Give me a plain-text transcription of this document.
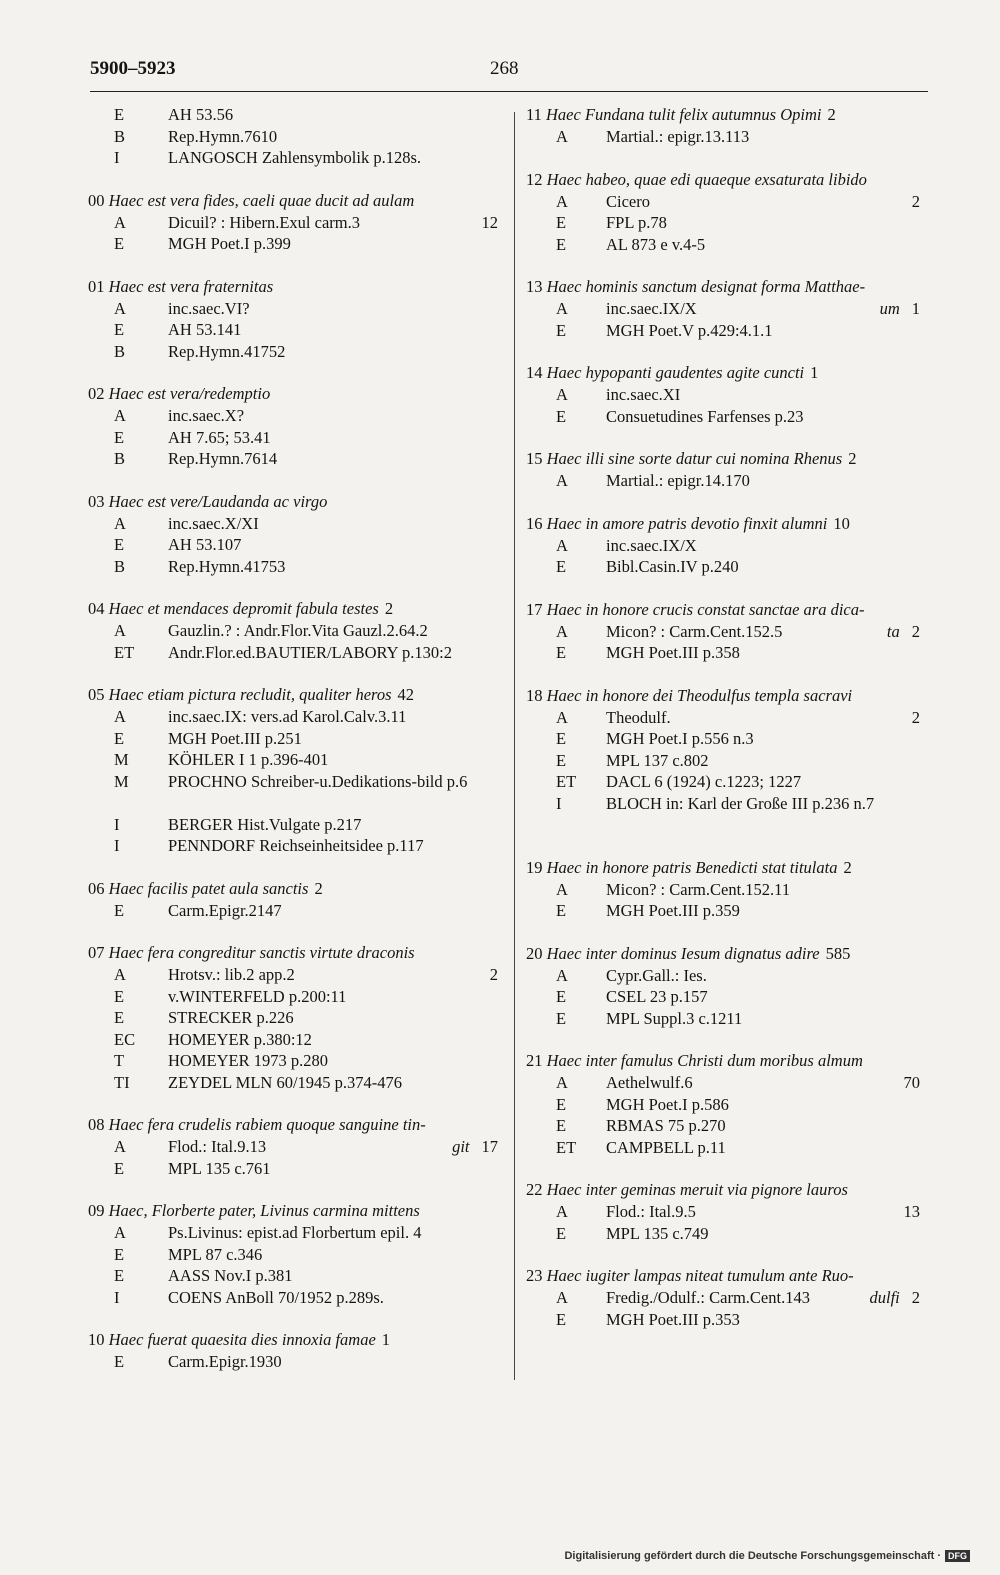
5900–5923	268
E	AH 53.56
B	Rep.Hymn.7610
I	LANGOSCH Zahlensymbolik p.128s.
00 Haec est vera fides, caeli quae ducit ad aulam
A	Dicuil? : Hibern.Exul carm.3	12
E	MGH Poet.I p.399
01 Haec est vera fraternitas
A	inc.saec.VI?
E	AH 53.141
B	Rep.Hymn.41752
02 Haec est vera/redemptio
A	inc.saec.X?
E	AH 7.65; 53.41
B	Rep.Hymn.7614
03 Haec est vere/Laudanda ac virgo
A	inc.saec.X/XI
E	AH 53.107
B	Rep.Hymn.41753
04 Haec et mendaces depromit fabula testes 2
A	Gauzlin.? : Andr.Flor.Vita Gauzl.2.64.2
ET Andr.Flor.ed.BAUTIER/LABORY p.130:2
05 Haec etiam pictura recludit, qualiter heros 42
A	inc.saec.IX: vers.ad Karol.Calv.3.11
E	MGH Poet.III p.251
M KÖHLER I 1 p.396-401
M PROCHNO Schreiber-u.Dedikations-bild p.6
I	BERGER Hist.Vulgate p.217
I	PENNDORF Reichseinheitsidee p.117
06 Haec facilis patet aula sanctis 2
E	Carm.Epigr.2147
07 Haec fera congreditur sanctis virtute draconis
A	Hrotsv.: lib.2 app.2	2
E	v.WINTERFELD p.200:11
E	STRECKER p.226
EC HOMEYER p.380:12
T	HOMEYER 1973 p.280
TI ZEYDEL MLN 60/1945 p.374-476
08 Haec fera crudelis rabiem quoque sanguine tin-
A	Flod.: Ital.9.13	git 17
E	MPL 135 c.761
09 Haec, Florberte pater, Livinus carmina mittens
A	Ps.Livinus: epist.ad Florbertum epil. 4
E	MPL 87 c.346
E	AASS Nov.I p.381
I	COENS AnBoll 70/1952 p.289s.
10 Haec fuerat quaesita dies innoxia famae 1
E	Carm.Epigr.1930
11 Haec Fundana tulit felix autumnus Opimi 2
A Martial.: epigr.13.113
12 Haec habeo, quae edi quaeque exsaturata libido
A Cicero	2
E FPL p.78
E AL 873 e v.4-5
13 Haec hominis sanctum designat forma Matthae-
A inc.saec.IX/X	um 1
E MGH Poet.V p.429:4.1.1
14 Haec hypopanti gaudentes agite cuncti 1
A inc.saec.XI
E Consuetudines Farfenses p.23
15 Haec illi sine sorte datur cui nomina Rhenus 2
A Martial.: epigr.14.170
16 Haec in amore patris devotio finxit alumni 10
A inc.saec.IX/X
E Bibl.Casin.IV p.240
17 Haec in honore crucis constat sanctae ara dica-
A Micon? : Carm.Cent.152.5	ta 2
E MGH Poet.III p.358
18 Haec in honore dei Theodulfus templa sacravi
A Theodulf.	2
E MGH Poet.I p.556 n.3
E MPL 137 c.802
ET DACL 6 (1924) c.1223; 1227
I	BLOCH in: Karl der Große III p.236 n.7
19 Haec in honore patris Benedicti stat titulata 2
A Micon? : Carm.Cent.152.11
E MGH Poet.III p.359
20 Haec inter dominus Iesum dignatus adire 585
A Cypr.Gall.: Ies.
E CSEL 23 p.157
E MPL Suppl.3 c.1211
21 Haec inter famulus Christi dum moribus almum
A Aethelwulf.6	70
E MGH Poet.I p.586
E RBMAS 75 p.270
ET CAMPBELL p.11
22 Haec inter geminas meruit via pignore lauros
A Flod.: Ital.9.5	13
E MPL 135 c.749
23 Haec iugiter lampas niteat tumulum ante Ruo-
A Fredig./Odulf.: Carm.Cent.143	dulfi 2
E MGH Poet.III p.353
Digitalisierung gefördert durch die Deutsche Forschungsgemeinschaft · DFG
